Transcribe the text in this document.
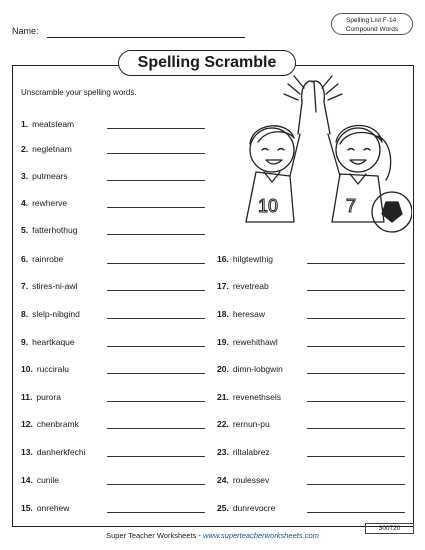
Name:
Spelling List F-14:
Compound Words
Spelling Scramble
Unscramble your spelling words.
10	7
1. meatsteam
2. negletnam
3. putmears
4. rewherve
5. fatterhothug
6. rainrobe
7. stires-ni-awl
8. slelp-nibgind
9. heartkaque
10. rucciralu
11. purora
12. chenbramk
13. danherkfechi
14. cunile
15. onrehew
16. hilgtewthig
17. revetreab
18. heresaw
19. rewehithawl
20. dimn-lobgwin
21. revenethsels
22. rernun-pu
23. riltalabrez
24. roulessev
25. dunrevocre
Super Teacher Worksheets - www.superteacherworksheets.com
300720
